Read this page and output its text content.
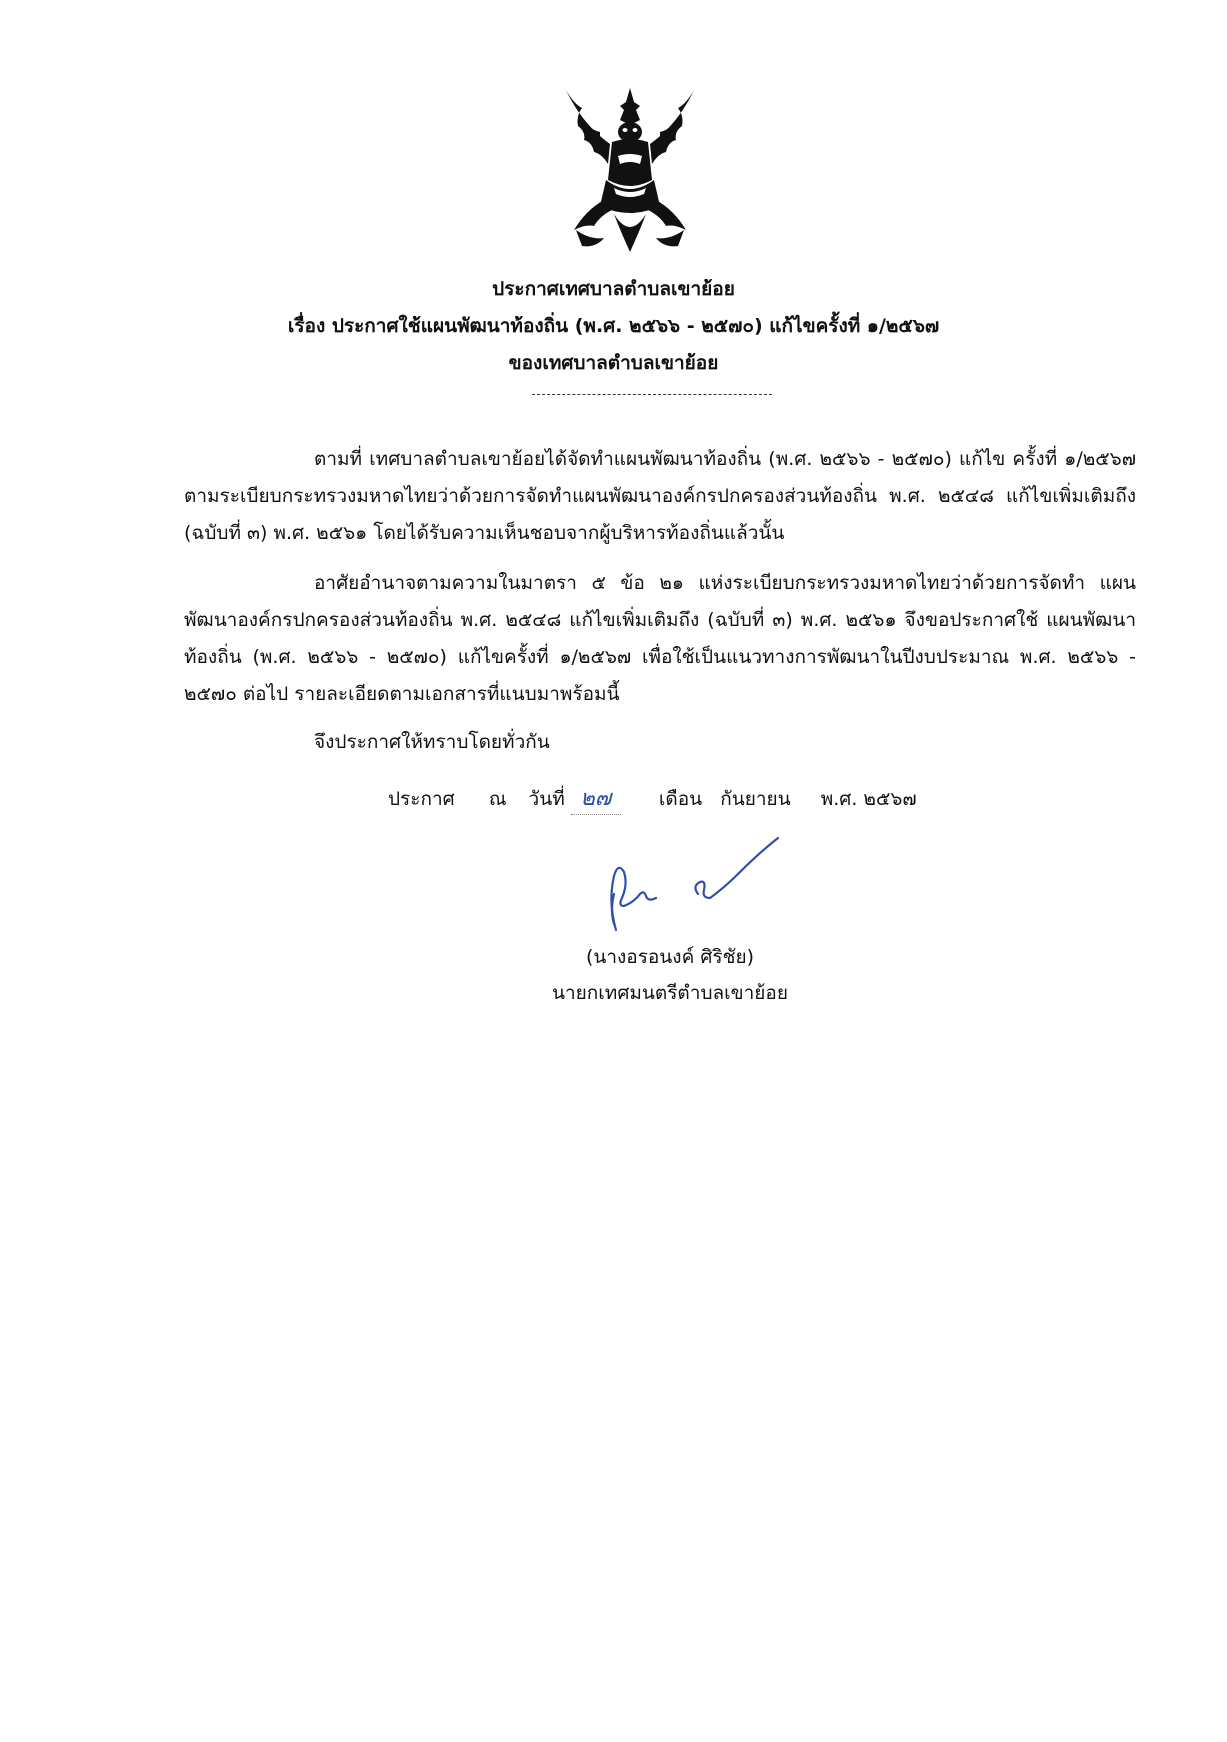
ประกาศเทศบาลตำบลเขาย้อย
เรื่อง ประกาศใช้แผนพัฒนาท้องถิ่น (พ.ศ. ๒๕๖๖ - ๒๕๗๐) แก้ไขครั้งที่ ๑/๒๕๖๗
ของเทศบาลตำบลเขาย้อย

ตามที่ เทศบาลตำบลเขาย้อยได้จัดทำแผนพัฒนาท้องถิ่น (พ.ศ. ๒๕๖๖ - ๒๕๗๐) แก้ไข ครั้งที่ ๑/๒๕๖๗ ตามระเบียบกระทรวงมหาดไทยว่าด้วยการจัดทำแผนพัฒนาองค์กรปกครองส่วนท้องถิ่น พ.ศ. ๒๕๔๘ แก้ไขเพิ่มเติมถึง (ฉบับที่ ๓) พ.ศ. ๒๕๖๑ โดยได้รับความเห็นชอบจากผู้บริหารท้องถิ่นแล้วนั้น

อาศัยอำนาจตามความในมาตรา ๕ ข้อ ๒๑ แห่งระเบียบกระทรวงมหาดไทยว่าด้วยการจัดทำ แผนพัฒนาองค์กรปกครองส่วนท้องถิ่น พ.ศ. ๒๕๔๘ แก้ไขเพิ่มเติมถึง (ฉบับที่ ๓) พ.ศ. ๒๕๖๑ จึงขอประกาศใช้ แผนพัฒนาท้องถิ่น (พ.ศ. ๒๕๖๖ - ๒๕๗๐) แก้ไขครั้งที่ ๑/๒๕๖๗ เพื่อใช้เป็นแนวทางการพัฒนาในปีงบประมาณ พ.ศ. ๒๕๖๖ - ๒๕๗๐ ต่อไป รายละเอียดตามเอกสารที่แนบมาพร้อมนี้

จึงประกาศให้ทราบโดยทั่วกัน

ประกาศ ณ วันที่ ๒๗	เดือน กันยายน พ.ศ. ๒๕๖๗
(นางอรอนงค์ ศิริชัย)
นายกเทศมนตรีตำบลเขาย้อย
